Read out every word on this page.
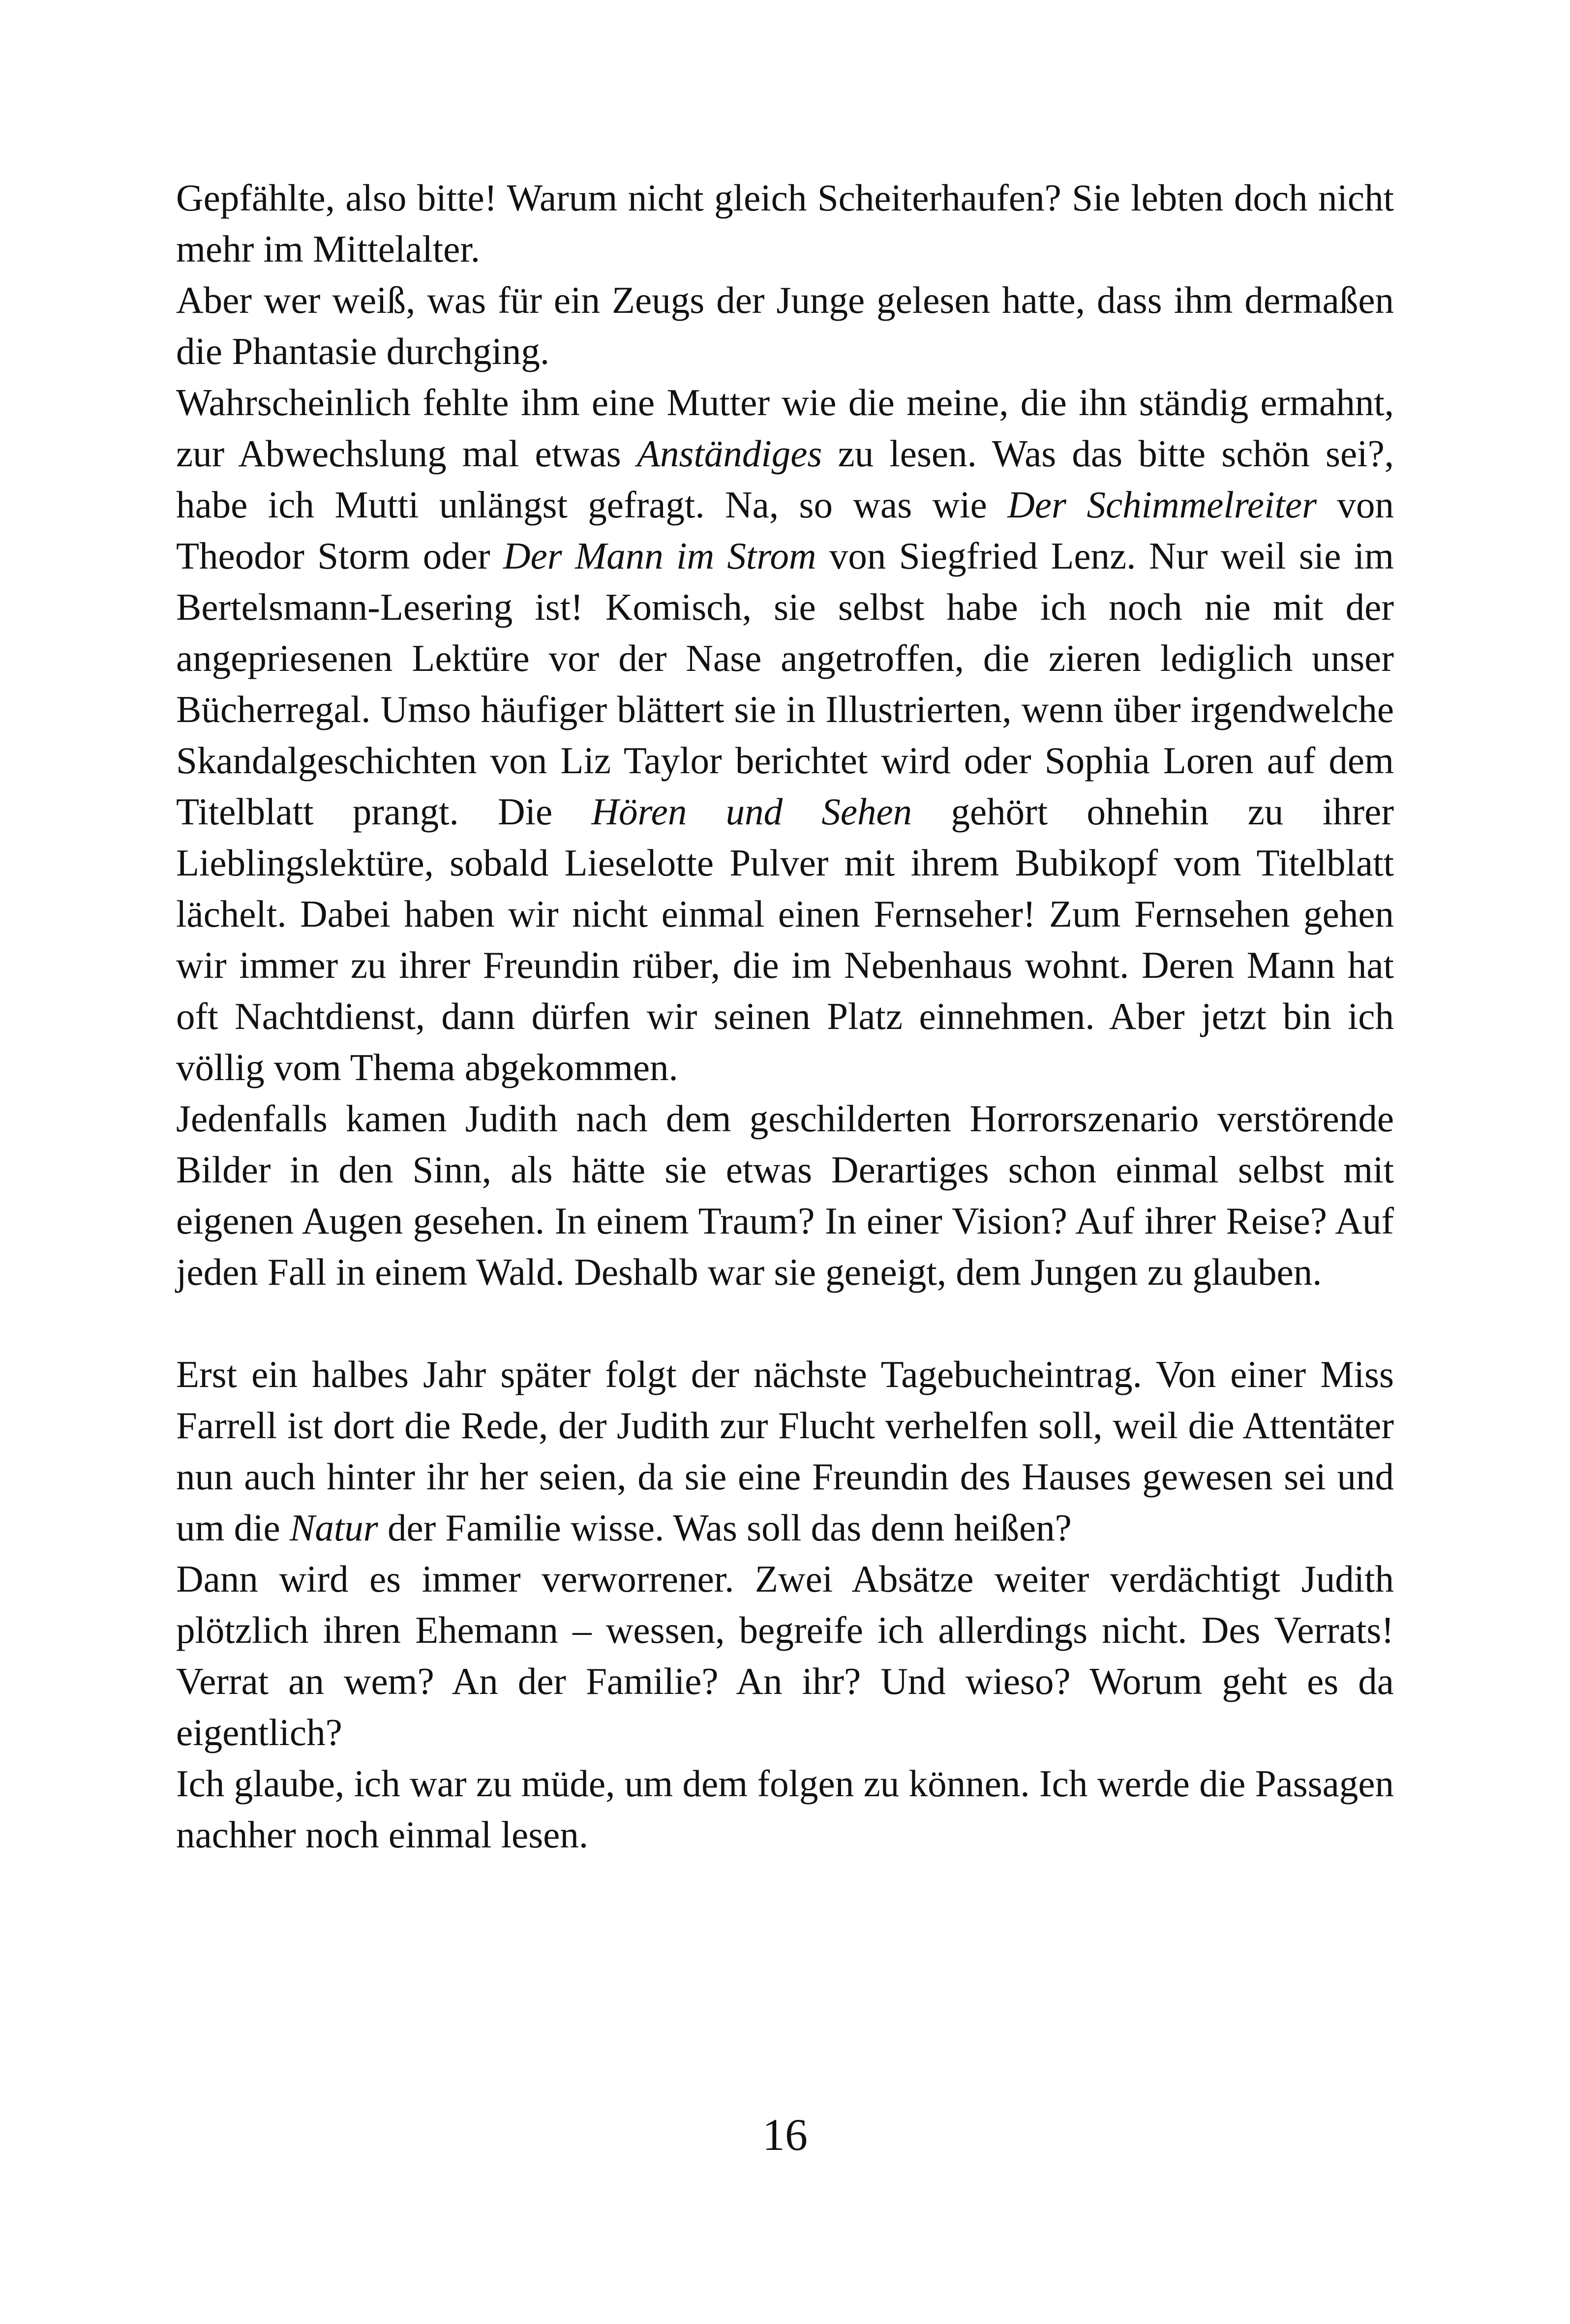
Gepfählte, also bitte! Warum nicht gleich Scheiterhaufen? Sie lebten doch nicht mehr im Mittelalter.

Aber wer weiß, was für ein Zeugs der Junge gelesen hatte, dass ihm dermaßen die Phantasie durchging.

Wahrscheinlich fehlte ihm eine Mutter wie die meine, die ihn ständig ermahnt, zur Abwechslung mal etwas Anständiges zu lesen. Was das bitte schön sei?, habe ich Mutti unlängst gefragt. Na, so was wie Der Schimmelreiter von Theodor Storm oder Der Mann im Strom von Siegfried Lenz. Nur weil sie im Bertelsmann-Lesering ist! Komisch, sie selbst habe ich noch nie mit der angepriesenen Lektüre vor der Nase angetroffen, die zieren lediglich unser Bücherregal. Umso häufiger blättert sie in Illustrierten, wenn über irgendwelche Skandalgeschichten von Liz Taylor berichtet wird oder Sophia Loren auf dem Titelblatt prangt. Die Hören und Sehen gehört ohnehin zu ihrer Lieblingslektüre, sobald Lieselotte Pulver mit ihrem Bubikopf vom Titelblatt lächelt. Dabei haben wir nicht einmal einen Fernseher! Zum Fernsehen gehen wir immer zu ihrer Freundin rüber, die im Nebenhaus wohnt. Deren Mann hat oft Nachtdienst, dann dürfen wir seinen Platz einnehmen. Aber jetzt bin ich völlig vom Thema abgekommen.

Jedenfalls kamen Judith nach dem geschilderten Horrorszenario verstörende Bilder in den Sinn, als hätte sie etwas Derartiges schon einmal selbst mit eigenen Augen gesehen. In einem Traum? In einer Vision? Auf ihrer Reise? Auf jeden Fall in einem Wald. Deshalb war sie geneigt, dem Jungen zu glauben.

Erst ein halbes Jahr später folgt der nächste Tagebucheintrag. Von einer Miss Farrell ist dort die Rede, der Judith zur Flucht verhelfen soll, weil die Attentäter nun auch hinter ihr her seien, da sie eine Freundin des Hauses gewesen sei und um die Natur der Familie wisse. Was soll das denn heißen?

Dann wird es immer verworrener. Zwei Absätze weiter verdächtigt Judith plötzlich ihren Ehemann – wessen, begreife ich allerdings nicht. Des Verrats! Verrat an wem? An der Familie? An ihr? Und wieso? Worum geht es da eigentlich?

Ich glaube, ich war zu müde, um dem folgen zu können. Ich werde die Passagen nachher noch einmal lesen.

16
